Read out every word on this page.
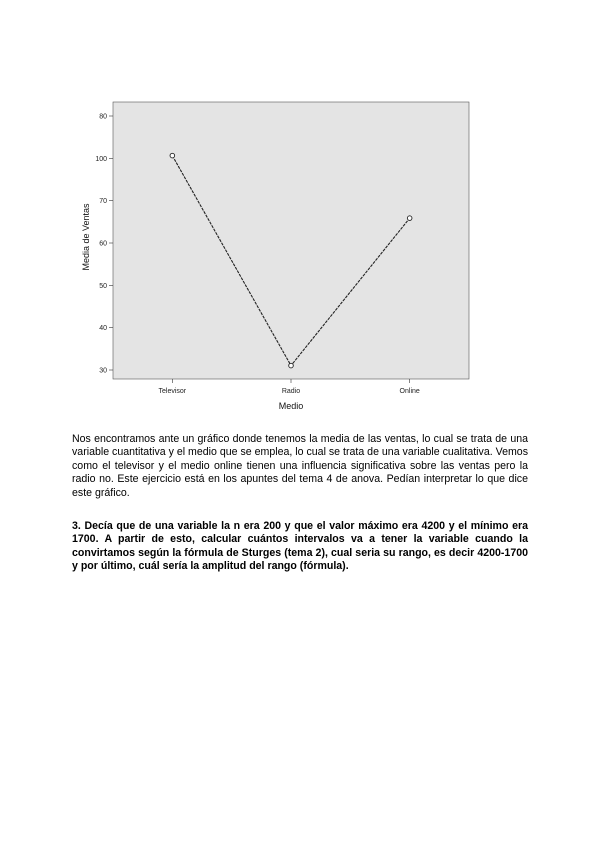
80
100
70
60
50
40
30
Televisor	Radio	Online
Medio
Media de Ventas

Nos encontramos ante un gráfico donde tenemos la media de las ventas, lo cual se trata de una variable cuantitativa y el medio que se emplea, lo cual se trata de una variable cualitativa. Vemos como el televisor y el medio online tienen una influencia significativa sobre las ventas pero la radio no. Este ejercicio está en los apuntes del tema 4 de anova. Pedían interpretar lo que dice este gráfico.

3. Decía que de una variable la n era 200 y que el valor máximo era 4200 y el mínimo era 1700. A partir de esto, calcular cuántos intervalos va a tener la variable cuando la convirtamos según la fórmula de Sturges (tema 2), cual seria su rango, es decir 4200-1700 y por último, cuál sería la amplitud del rango (fórmula).
